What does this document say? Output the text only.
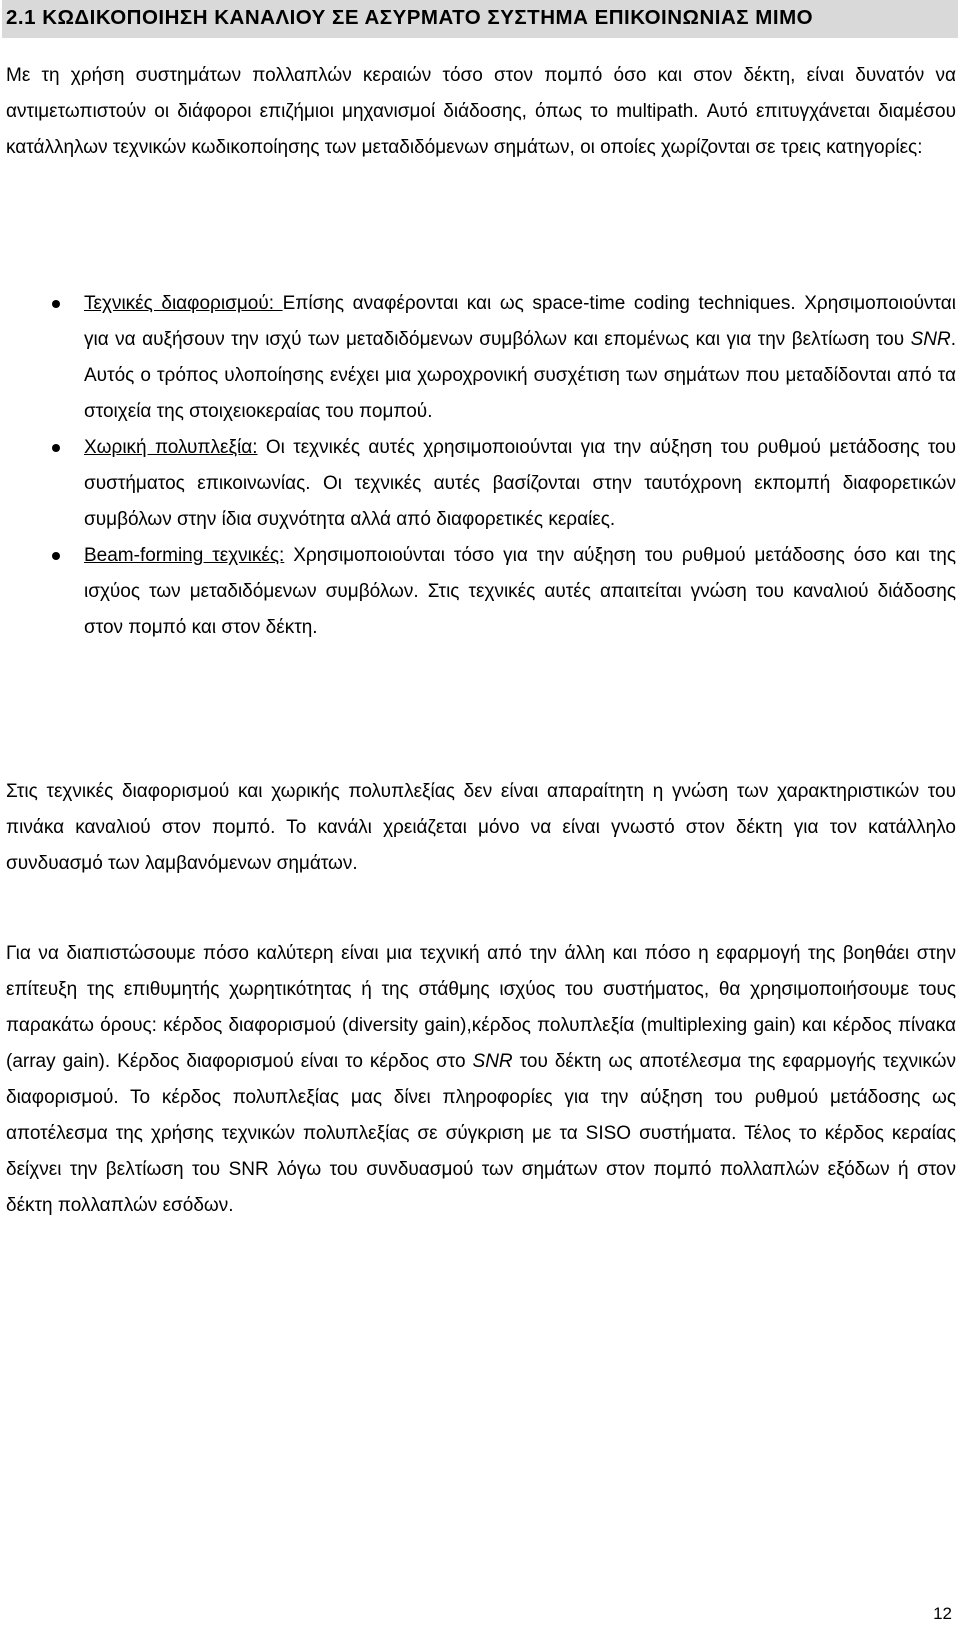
2.1 ΚΩΔΙΚΟΠΟΙΗΣΗ ΚΑΝΑΛΙΟΥ ΣΕ ΑΣΥΡΜΑΤΟ ΣΥΣΤΗΜΑ ΕΠΙΚΟΙΝΩΝΙΑΣ ΜΙΜΟ

Με τη χρήση συστημάτων πολλαπλών κεραιών τόσο στον πομπό όσο και στον δέκτη, είναι δυνατόν να αντιμετωπιστούν οι διάφοροι επιζήμιοι μηχανισμοί διάδοσης, όπως το multipath. Αυτό επιτυγχάνεται διαμέσου κατάλληλων τεχνικών κωδικοποίησης των μεταδιδόμενων σημάτων, οι οποίες χωρίζονται σε τρεις κατηγορίες:

Τεχνικές διαφορισμού: Επίσης αναφέρονται και ως space-time coding techniques. Χρησιμοποιούνται για να αυξήσουν την ισχύ των μεταδιδόμενων συμβόλων και επομένως και για την βελτίωση του SNR. Αυτός ο τρόπος υλοποίησης ενέχει μια χωροχρονική συσχέτιση των σημάτων που μεταδίδονται από τα στοιχεία της στοιχειοκεραίας του πομπού.
Χωρική πολυπλεξία: Οι τεχνικές αυτές χρησιμοποιούνται για την αύξηση του ρυθμού μετάδοσης του συστήματος επικοινωνίας. Οι τεχνικές αυτές βασίζονται στην ταυτόχρονη εκπομπή διαφορετικών συμβόλων στην ίδια συχνότητα αλλά από διαφορετικές κεραίες.
Beam-forming τεχνικές: Χρησιμοποιούνται τόσο για την αύξηση του ρυθμού μετάδοσης όσο και της ισχύος των μεταδιδόμενων συμβόλων. Στις τεχνικές αυτές απαιτείται γνώση του καναλιού διάδοσης στον πομπό και στον δέκτη.

Στις τεχνικές διαφορισμού και χωρικής πολυπλεξίας δεν είναι απαραίτητη η γνώση των χαρακτηριστικών του πινάκα καναλιού στον πομπό. Το κανάλι χρειάζεται μόνο να είναι γνωστό στον δέκτη για τον κατάλληλο συνδυασμό των λαμβανόμενων σημάτων.

Για να διαπιστώσουμε πόσο καλύτερη είναι μια τεχνική από την άλλη και πόσο η εφαρμογή της βοηθάει στην επίτευξη της επιθυμητής χωρητικότητας ή της στάθμης ισχύος του συστήματος, θα χρησιμοποιήσουμε τους παρακάτω όρους: κέρδος διαφορισμού (diversity gain),κέρδος πολυπλεξία (multiplexing gain) και κέρδος πίνακα (array gain). Κέρδος διαφορισμού είναι το κέρδος στο SNR του δέκτη ως αποτέλεσμα της εφαρμογής τεχνικών διαφορισμού. Το κέρδος πολυπλεξίας μας δίνει πληροφορίες για την αύξηση του ρυθμού μετάδοσης ως αποτέλεσμα της χρήσης τεχνικών πολυπλεξίας σε σύγκριση με τα SISO συστήματα. Τέλος το κέρδος κεραίας δείχνει την βελτίωση του SNR λόγω του συνδυασμού των σημάτων στον πομπό πολλαπλών εξόδων ή στον δέκτη πολλαπλών εσόδων.

12
